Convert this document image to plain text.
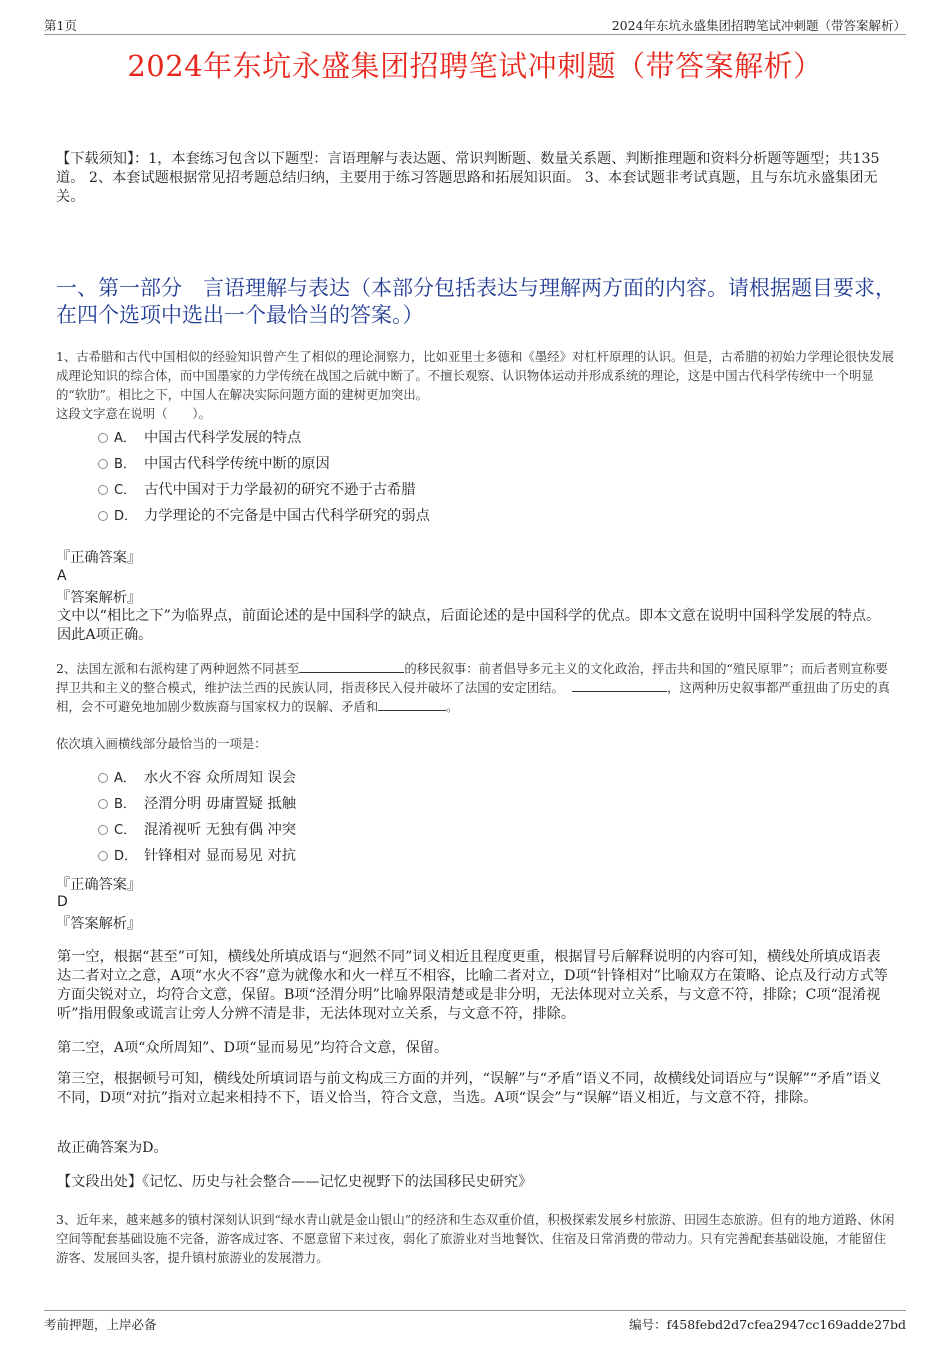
第1页	2024年东坑永盛集团招聘笔试冲刺题（带答案解析）
2024年东坑永盛集团招聘笔试冲刺题（带答案解析）
【下载须知】：1，本套练习包含以下题型：言语理解与表达题、常识判断题、数量关系题、判断推理题和资料分析题等题型；共135道。 2、本套试题根据常见招考题总结归纳，主要用于练习答题思路和拓展知识面。 3、本套试题非考试真题，且与东坑永盛集团无关。
一、第一部分　言语理解与表达（本部分包括表达与理解两方面的内容。请根据题目要求，在四个选项中选出一个最恰当的答案。）
1、古希腊和古代中国相似的经验知识曾产生了相似的理论洞察力，比如亚里士多德和《墨经》对杠杆原理的认识。但是，古希腊的初始力学理论很快发展成理论知识的综合体，而中国墨家的力学传统在战国之后就中断了。不擅长观察、认识物体运动并形成系统的理论，这是中国古代科学传统中一个明显的“软肋”。相比之下，中国人在解决实际问题方面的建树更加突出。
这段文字意在说明（　　）。
A． 中国古代科学发展的特点
B． 中国古代科学传统中断的原因
C． 古代中国对于力学最初的研究不逊于古希腊
D． 力学理论的不完备是中国古代科学研究的弱点
『正确答案』
A
『答案解析』
文中以“相比之下”为临界点，前面论述的是中国科学的缺点，后面论述的是中国科学的优点。即本文意在说明中国科学发展的特点。因此A项正确。
2、法国左派和右派构建了两种迥然不同甚至	的移民叙事：前者倡导多元主义的文化政治，抨击共和国的“殖民原罪”；而后者则宣称要捍卫共和主义的整合模式，维护法兰西的民族认同，指责移民入侵并破坏了法国的安定团结。	，这两种历史叙事都严重扭曲了历史的真相，会不可避免地加剧少数族裔与国家权力的误解、矛盾和	。
依次填入画横线部分最恰当的一项是：
A． 水火不容 众所周知 误会
B． 泾渭分明 毋庸置疑 抵触
C． 混淆视听 无独有偶 冲突
D． 针锋相对 显而易见 对抗
『正确答案』
D
『答案解析』
第一空，根据“甚至”可知，横线处所填成语与“迥然不同”词义相近且程度更重，根据冒号后解释说明的内容可知，横线处所填成语表达二者对立之意，A项“水火不容”意为就像水和火一样互不相容，比喻二者对立，D项“针锋相对”比喻双方在策略、论点及行动方式等方面尖锐对立，均符合文意，保留。B项“泾渭分明”比喻界限清楚或是非分明，无法体现对立关系，与文意不符，排除；C项“混淆视听”指用假象或谎言让旁人分辨不清是非，无法体现对立关系，与文意不符，排除。
第二空，A项“众所周知”、D项“显而易见”均符合文意，保留。
第三空，根据顿号可知，横线处所填词语与前文构成三方面的并列，“误解”与“矛盾”语义不同，故横线处词语应与“误解”“矛盾”语义不同，D项“对抗”指对立起来相持不下，语义恰当，符合文意，当选。A项“误会”与“误解”语义相近，与文意不符，排除。
故正确答案为D。
【文段出处】《记忆、历史与社会整合——记忆史视野下的法国移民史研究》
3、近年来，越来越多的镇村深刻认识到“绿水青山就是金山银山”的经济和生态双重价值，积极探索发展乡村旅游、田园生态旅游。但有的地方道路、休闲空间等配套基础设施不完备，游客成过客、不愿意留下来过夜，弱化了旅游业对当地餐饮、住宿及日常消费的带动力。只有完善配套基础设施，才能留住游客、发展回头客，提升镇村旅游业的发展潜力。
考前押题，上岸必备	编号：f458febd2d7cfea2947cc169adde27bd
